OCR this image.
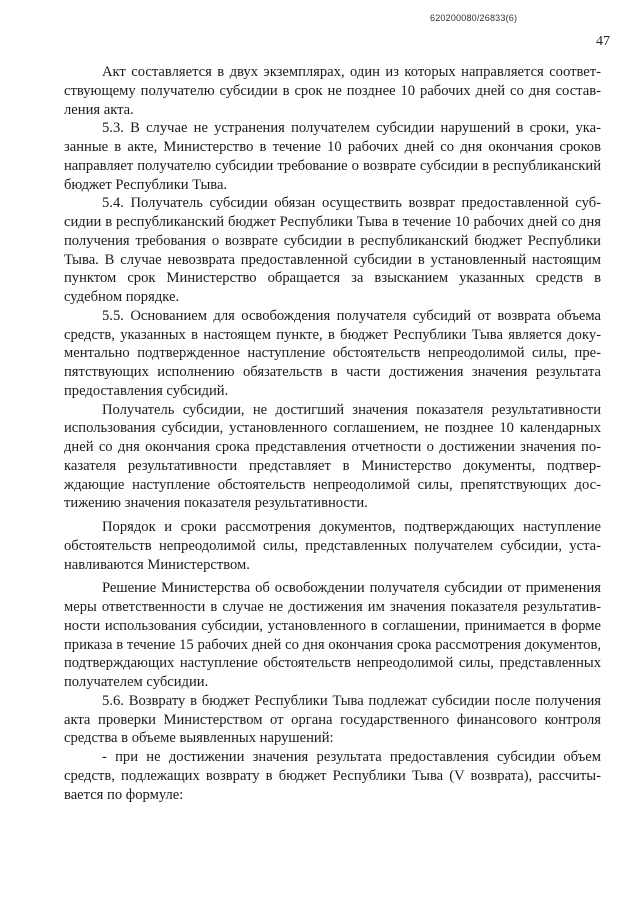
620200080/26833(6)
47

Акт составляется в двух экземплярах, один из которых направляется соответствующему получателю субсидии в срок не позднее 10 рабочих дней со дня составления акта.

5.3. В случае не устранения получателем субсидии нарушений в сроки, указанные в акте, Министерство в течение 10 рабочих дней со дня окончания сроков направляет получателю субсидии требование о возврате субсидии в республиканский бюджет Республики Тыва.

5.4. Получатель субсидии обязан осуществить возврат предоставленной субсидии в республиканский бюджет Республики Тыва в течение 10 рабочих дней со дня получения требования о возврате субсидии в республиканский бюджет Республики Тыва. В случае невозврата предоставленной субсидии в установленный настоящим пунктом срок Министерство обращается за взысканием указанных средств в судебном порядке.

5.5. Основанием для освобождения получателя субсидий от возврата объема средств, указанных в настоящем пункте, в бюджет Республики Тыва является документально подтвержденное наступление обстоятельств непреодолимой силы, препятствующих исполнению обязательств в части достижения значения результата предоставления субсидий.

Получатель субсидии, не достигший значения показателя результативности использования субсидии, установленного соглашением, не позднее 10 календарных дней со дня окончания срока представления отчетности о достижении значения показателя результативности представляет в Министерство документы, подтверждающие наступление обстоятельств непреодолимой силы, препятствующих достижению значения показателя результативности.

Порядок и сроки рассмотрения документов, подтверждающих наступление обстоятельств непреодолимой силы, представленных получателем субсидии, устанавливаются Министерством.

Решение Министерства об освобождении получателя субсидии от применения меры ответственности в случае не достижения им значения показателя результативности использования субсидии, установленного в соглашении, принимается в форме приказа в течение 15 рабочих дней со дня окончания срока рассмотрения документов, подтверждающих наступление обстоятельств непреодолимой силы, представленных получателем субсидии.

5.6. Возврату в бюджет Республики Тыва подлежат субсидии после получения акта проверки Министерством от органа государственного финансового контроля средства в объеме выявленных нарушений:

- при не достижении значения результата предоставления субсидии объем средств, подлежащих возврату в бюджет Республики Тыва (V возврата), рассчитывается по формуле:
